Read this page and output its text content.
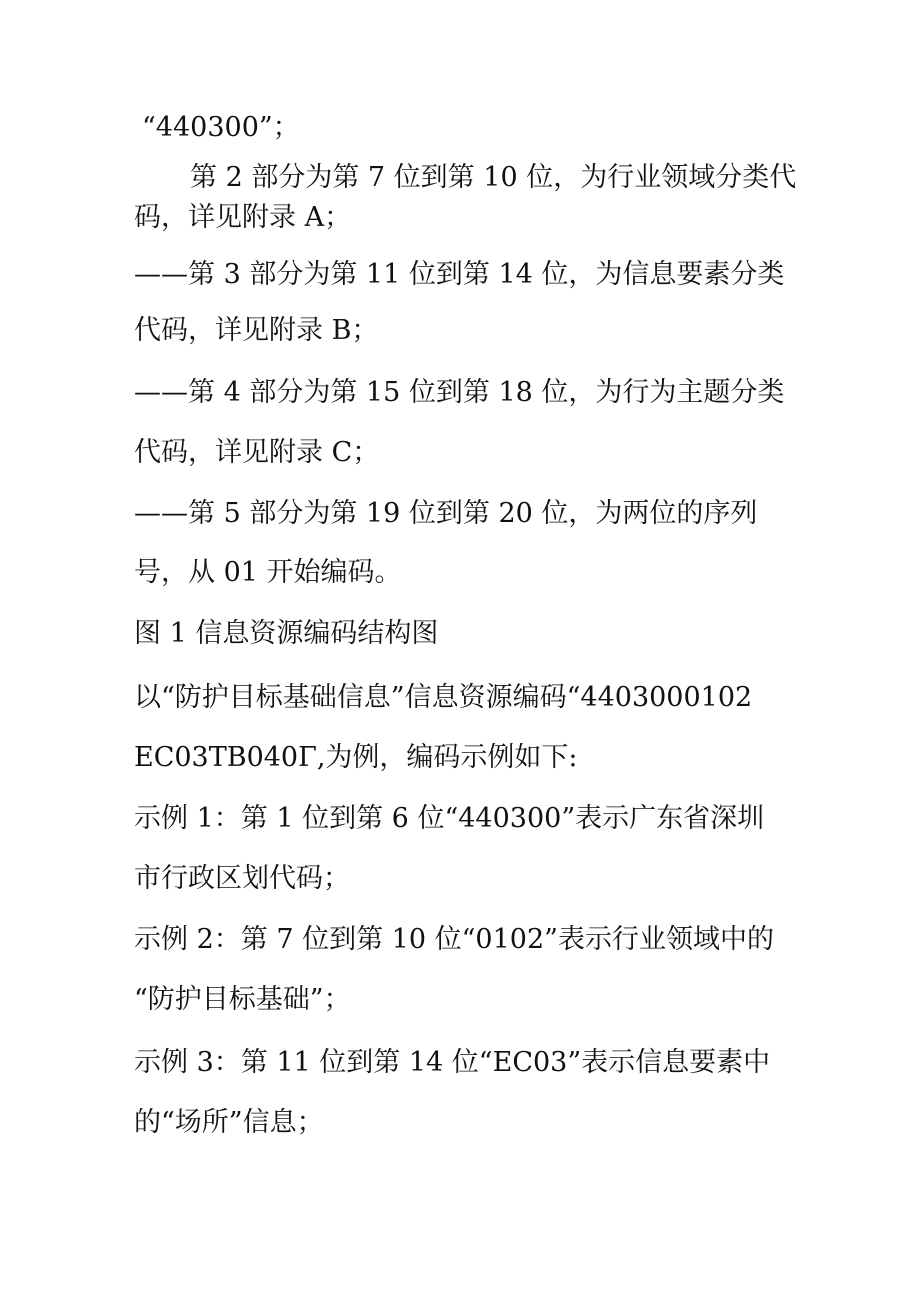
“440300”；
第 2 部分为第 7 位到第 10 位，为行业领域分类代
码，详见附录 A；
——第 3 部分为第 11 位到第 14 位，为信息要素分类
代码，详见附录 B；
——第 4 部分为第 15 位到第 18 位，为行为主题分类
代码，详见附录 C；
——第 5 部分为第 19 位到第 20 位，为两位的序列
号，从 01 开始编码。
图 1 信息资源编码结构图
以“防护目标基础信息”信息资源编码“4403000102
EC03TB040Γ,为例，编码示例如下:
示例 1：第 1 位到第 6 位“440300”表示广东省深圳
市行政区划代码；
示例 2：第 7 位到第 10 位“0102”表示行业领域中的
“防护目标基础”；
示例 3：第 11 位到第 14 位“EC03”表示信息要素中
的“场所”信息；
